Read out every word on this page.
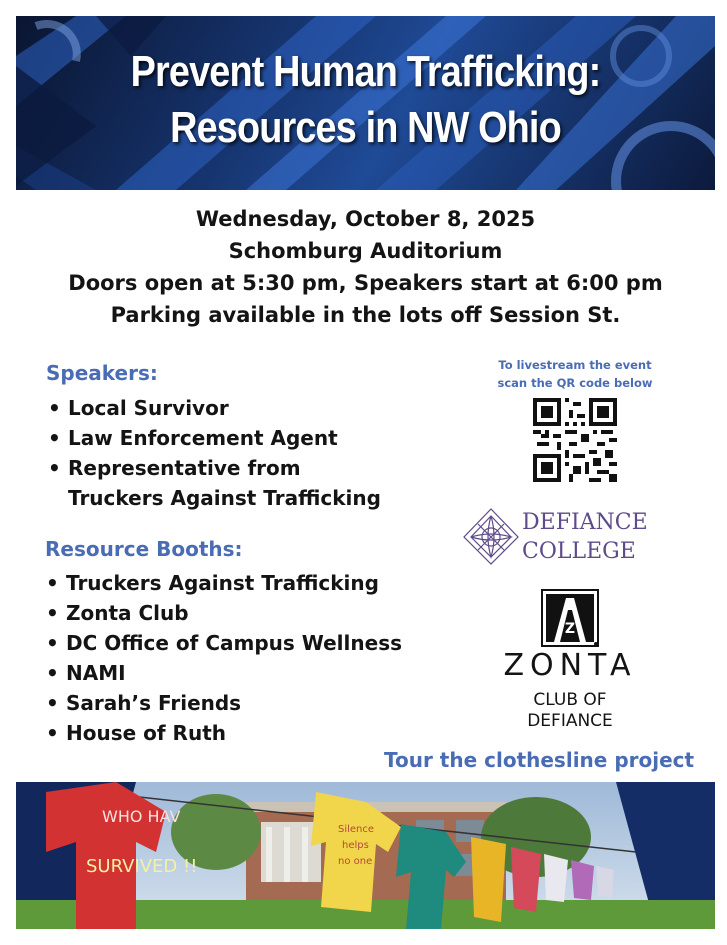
Prevent Human Trafficking:
Resources in NW Ohio
Wednesday, October 8, 2025
Schomburg Auditorium
Doors open at 5:30 pm, Speakers start at 6:00 pm
Parking available in the lots off Session St.
Speakers:
• Local Survivor
• Law Enforcement Agent
• Representative from
Truckers Against Trafficking
Resource Booths:
• Truckers Against Trafficking
• Zonta Club
• DC Office of Campus Wellness
• NAMI
• Sarah’s Friends
• House of Ruth
To livestream the event
scan the QR code below
DEFIANCE
COLLEGE
Z
ZONTA
CLUB OF
DEFIANCE
Tour the clothesline project
WHO HAV
SURVIVED !!
Silence
helps
no one
